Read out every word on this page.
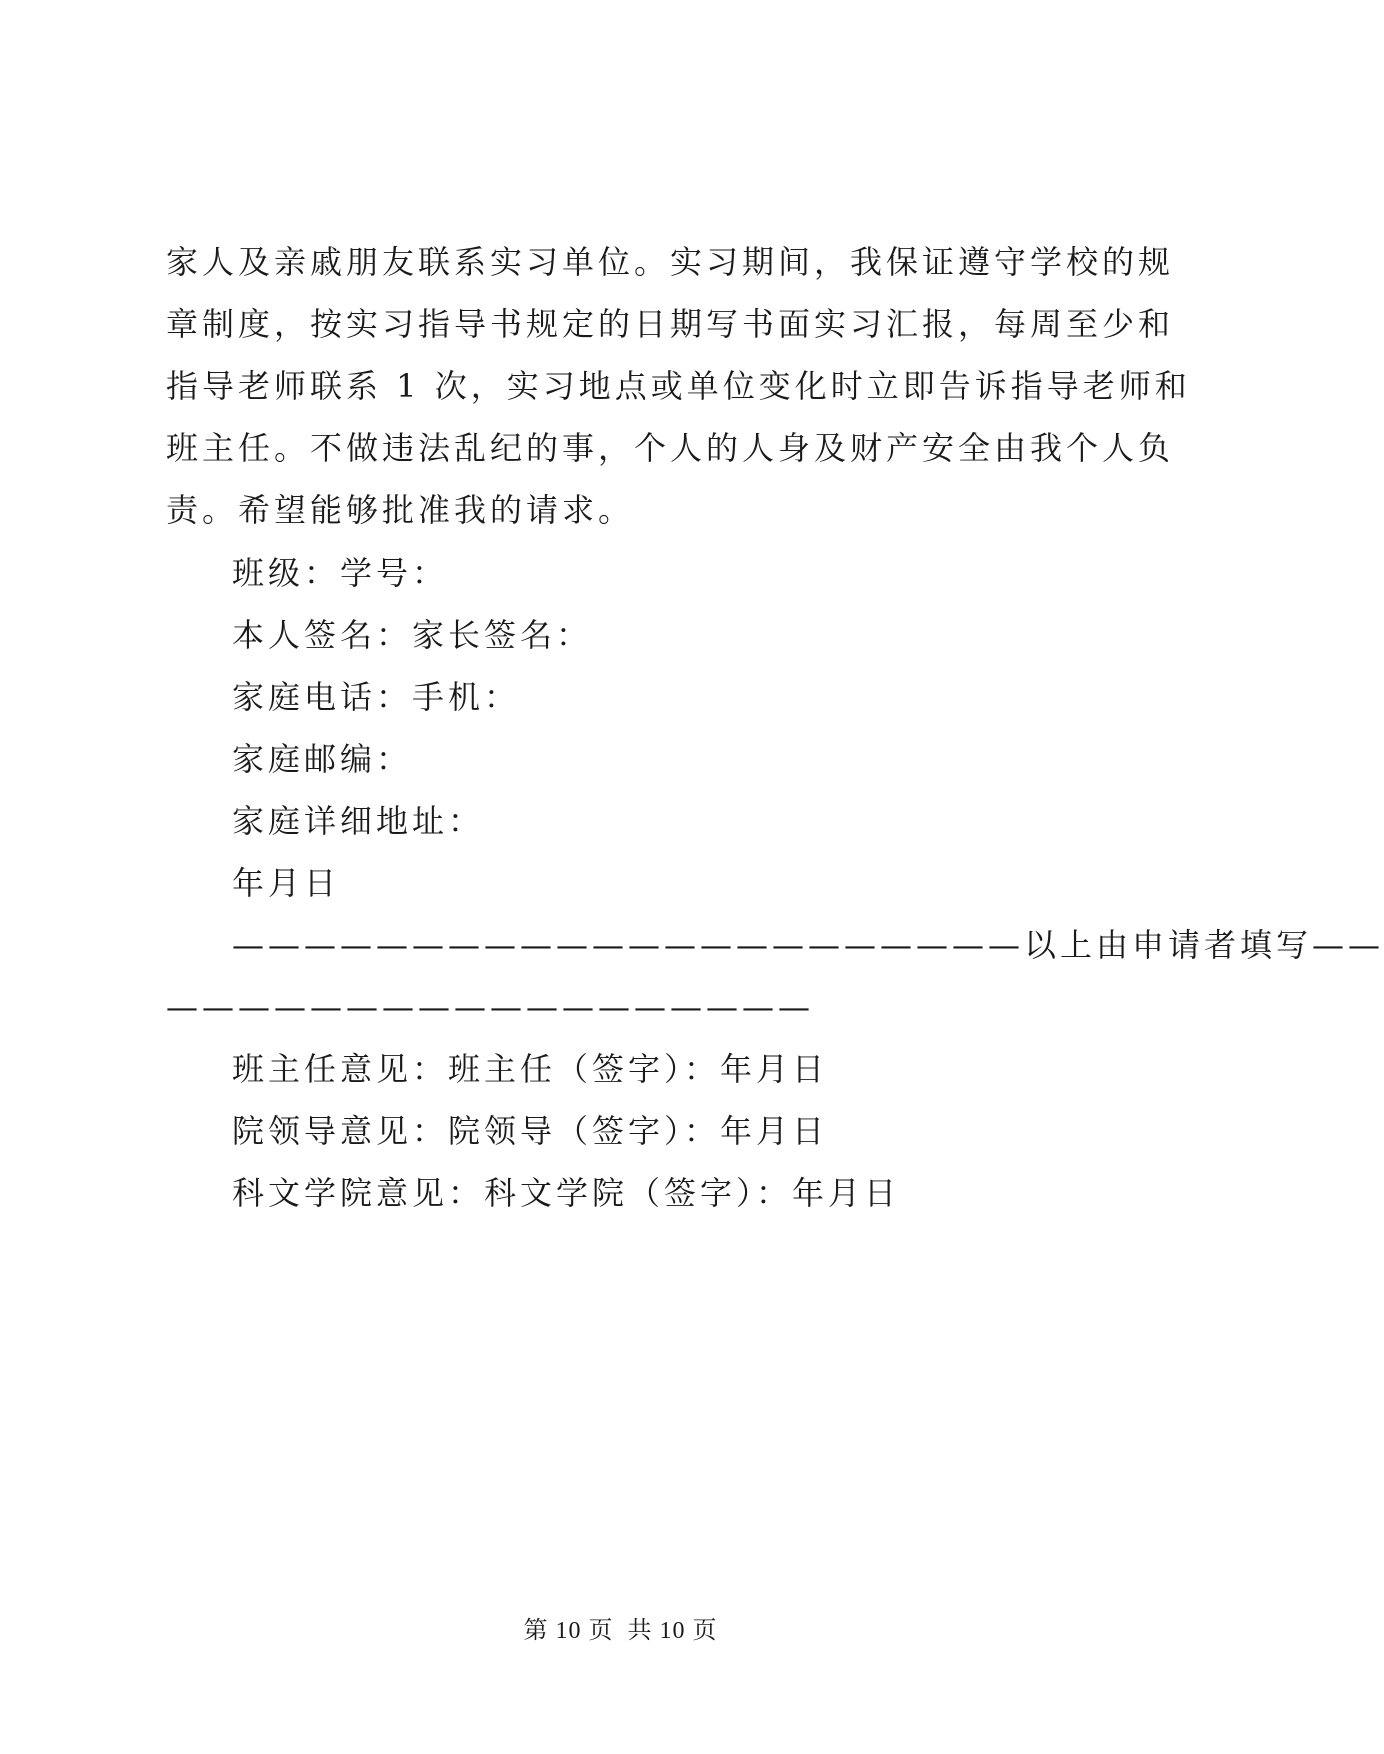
家人及亲戚朋友联系实习单位。实习期间，我保证遵守学校的规
章制度，按实习指导书规定的日期写书面实习汇报，每周至少和
指导老师联系 1 次，实习地点或单位变化时立即告诉指导老师和
班主任。不做违法乱纪的事，个人的人身及财产安全由我个人负
责。希望能够批准我的请求。
班级：学号：
本人签名：家长签名：
家庭电话：手机：
家庭邮编：
家庭详细地址：
年月日
——————————————————————以上由申请者填写——
——————————————————
班主任意见：班主任（签字）：年月日
院领导意见：院领导（签字）：年月日
科文学院意见：科文学院（签字）：年月日
第 10 页 共 10 页
